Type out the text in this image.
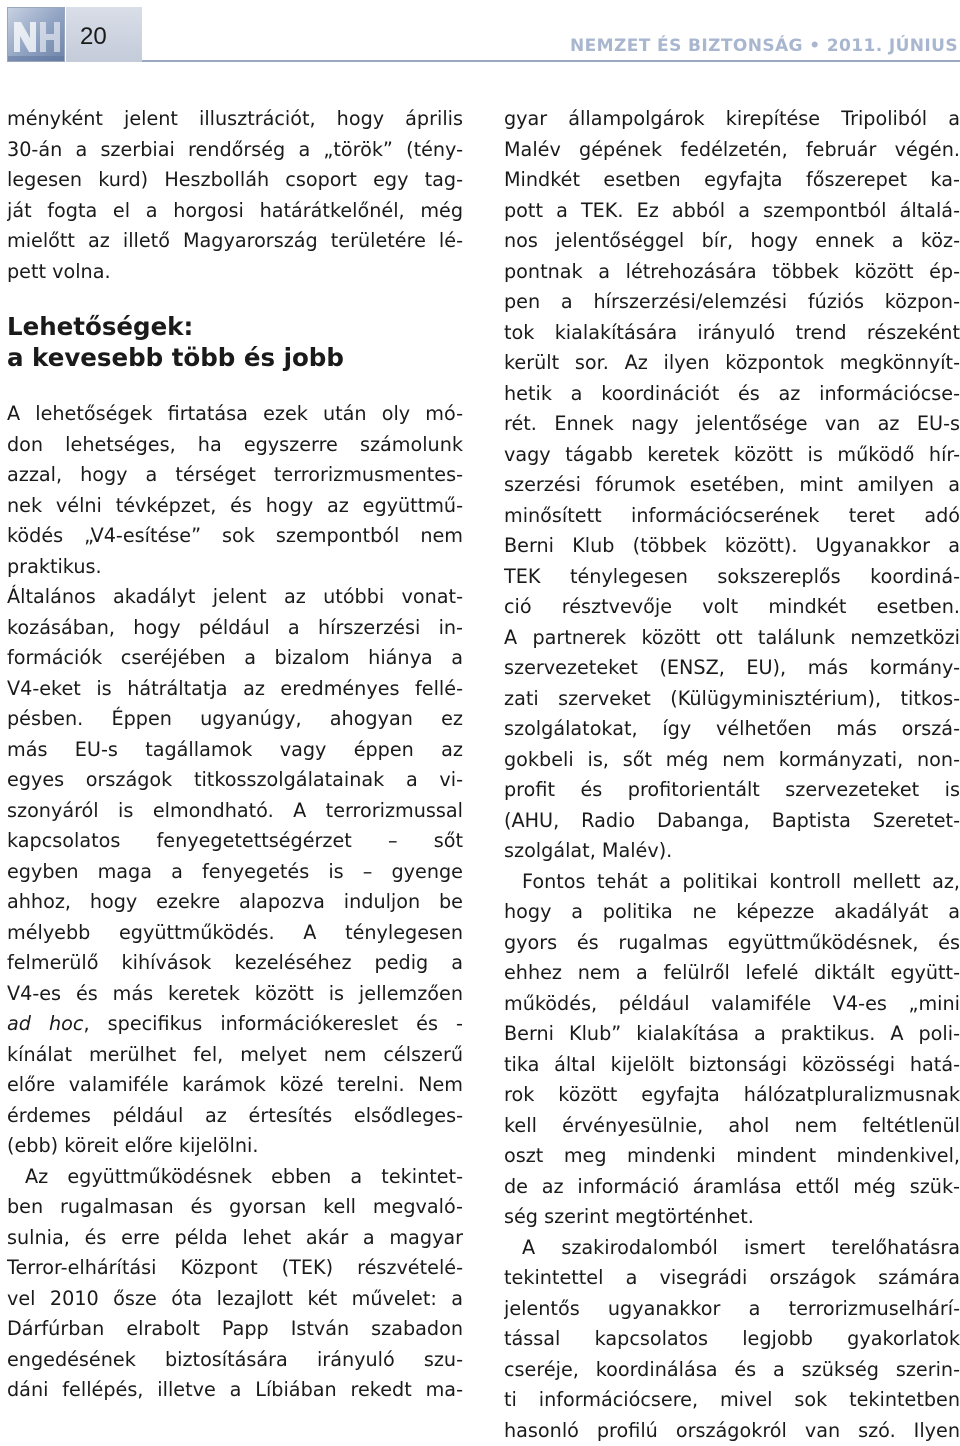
20	NEMZET ÉS BIZTONSÁG • 2011. JÚNIUS
ményként jelent illusztrációt, hogy április
30-án a szerbiai rendőrség a „török” (tény-
legesen kurd) Heszbolláh csoport egy tag-
ját fogta el a horgosi határátkelőnél, még
mielőtt az illető Magyarország területére lé-
pett volna.
Lehetőségek:
a kevesebb több és jobb
A lehetőségek firtatása ezek után oly mó-
don lehetséges, ha egyszerre számolunk
azzal, hogy a térséget terrorizmusmentes-
nek vélni tévképzet, és hogy az együttmű-
ködés „V4-esítése” sok szempontból nem
praktikus.
Általános akadályt jelent az utóbbi vonat-
kozásában, hogy például a hírszerzési in-
formációk cseréjében a bizalom hiánya a
V4-eket is hátráltatja az eredményes fellé-
pésben. Éppen ugyanúgy, ahogyan ez
más EU-s tagállamok vagy éppen az
egyes országok titkosszolgálatainak a vi-
szonyáról is elmondható. A terrorizmussal
kapcsolatos fenyegetettségérzet – sőt
egyben maga a fenyegetés is – gyenge
ahhoz, hogy ezekre alapozva induljon be
mélyebb együttműködés. A ténylegesen
felmerülő kihívások kezeléséhez pedig a
V4-es és más keretek között is jellemzően
ad hoc, specifikus információkereslet és -
kínálat merülhet fel, melyet nem célszerű
előre valamiféle karámok közé terelni. Nem
érdemes például az értesítés elsődleges-
(ebb) köreit előre kijelölni.
Az együttműködésnek ebben a tekintet-
ben rugalmasan és gyorsan kell megvaló-
sulnia, és erre példa lehet akár a magyar
Terror-elhárítási Központ (TEK) részvételé-
vel 2010 ősze óta lezajlott két művelet: a
Dárfúrban elrabolt Papp István szabadon
engedésének biztosítására irányuló szu-
dáni fellépés, illetve a Líbiában rekedt ma-
gyar állampolgárok kirepítése Tripoliból a
Malév gépének fedélzetén, február végén.
Mindkét esetben egyfajta főszerepet ka-
pott a TEK. Ez abból a szempontból általá-
nos jelentőséggel bír, hogy ennek a köz-
pontnak a létrehozására többek között ép-
pen a hírszerzési/elemzési fúziós közpon-
tok kialakítására irányuló trend részeként
került sor. Az ilyen központok megkönnyít-
hetik a koordinációt és az információcse-
rét. Ennek nagy jelentősége van az EU-s
vagy tágabb keretek között is működő hír-
szerzési fórumok esetében, mint amilyen a
minősített információcserének teret adó
Berni Klub (többek között). Ugyanakkor a
TEK ténylegesen sokszereplős koordiná-
ció résztvevője volt mindkét esetben.
A partnerek között ott találunk nemzetközi
szervezeteket (ENSZ, EU), más kormány-
zati szerveket (Külügyminisztérium), titkos-
szolgálatokat, így vélhetően más orszá-
gokbeli is, sőt még nem kormányzati, non-
profit és profitorientált szervezeteket is
(AHU, Radio Dabanga, Baptista Szeretet-
szolgálat, Malév).
Fontos tehát a politikai kontroll mellett az,
hogy a politika ne képezze akadályát a
gyors és rugalmas együttműködésnek, és
ehhez nem a felülről lefelé diktált együtt-
működés, például valamiféle V4-es „mini
Berni Klub” kialakítása a praktikus. A poli-
tika által kijelölt biztonsági közösségi hatá-
rok között egyfajta hálózatpluralizmusnak
kell érvényesülnie, ahol nem feltétlenül
oszt meg mindenki mindent mindenkivel,
de az információ áramlása ettől még szük-
ség szerint megtörténhet.
A szakirodalomból ismert terelőhatásra
tekintettel a visegrádi országok számára
jelentős ugyanakkor a terrorizmuselhárí-
tással kapcsolatos legjobb gyakorlatok
cseréje, koordinálása és a szükség szerin-
ti információcsere, mivel sok tekintetben
hasonló profilú országokról van szó. Ilyen
